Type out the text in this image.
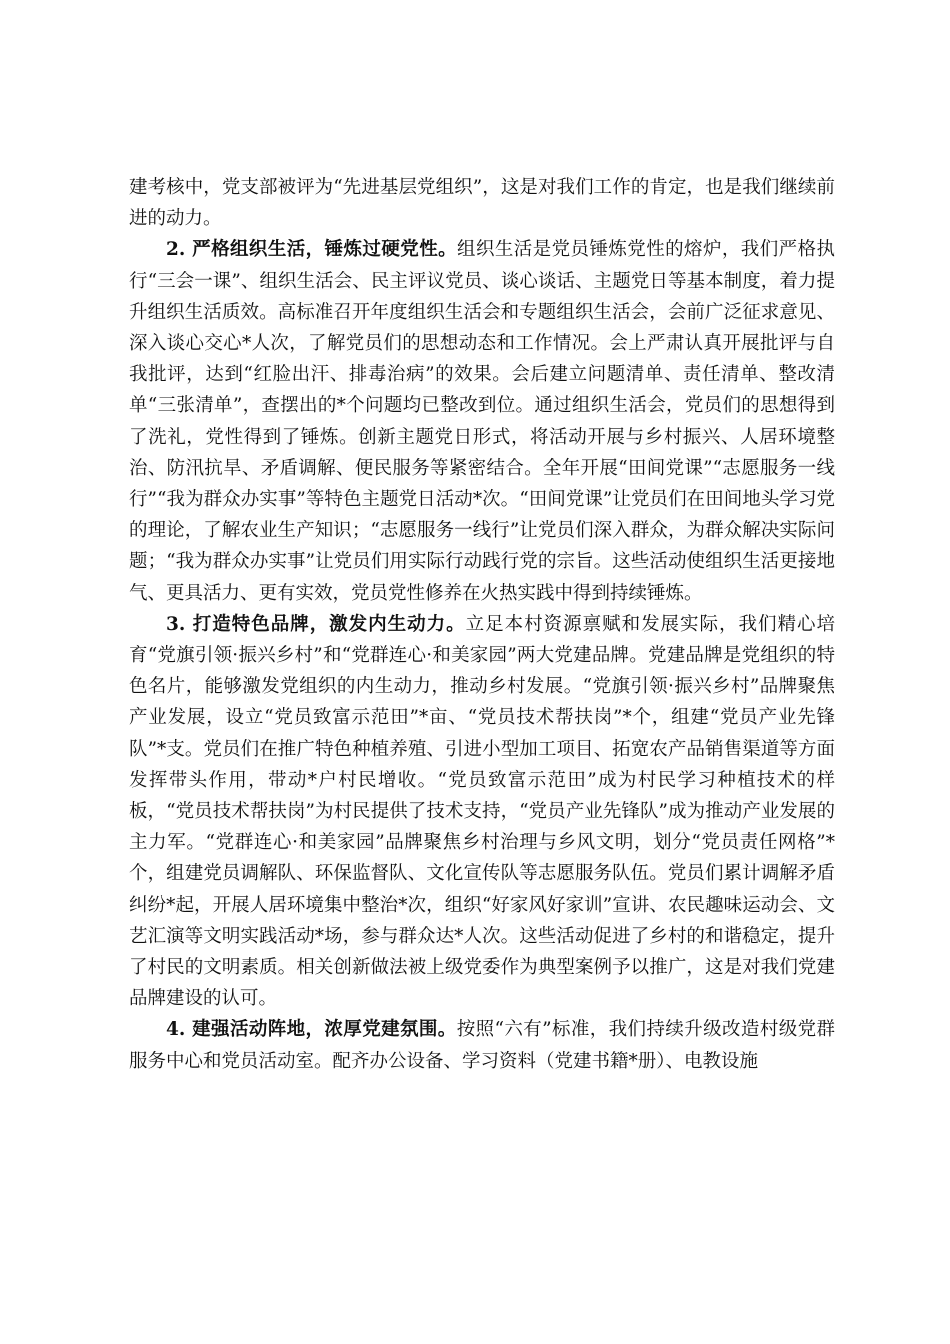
建考核中，党支部被评为“先进基层党组织”，这是对我们工作的肯定，也是我们继续前进的动力。

2. 严格组织生活，锤炼过硬党性。组织生活是党员锤炼党性的熔炉，我们严格执行“三会一课”、组织生活会、民主评议党员、谈心谈话、主题党日等基本制度，着力提升组织生活质效。高标准召开年度组织生活会和专题组织生活会，会前广泛征求意见、深入谈心交心*人次，了解党员们的思想动态和工作情况。会上严肃认真开展批评与自我批评，达到“红脸出汗、排毒治病”的效果。会后建立问题清单、责任清单、整改清单“三张清单”，查摆出的*个问题均已整改到位。通过组织生活会，党员们的思想得到了洗礼，党性得到了锤炼。创新主题党日形式，将活动开展与乡村振兴、人居环境整治、防汛抗旱、矛盾调解、便民服务等紧密结合。全年开展“田间党课”“志愿服务一线行”“我为群众办实事”等特色主题党日活动*次。“田间党课”让党员们在田间地头学习党的理论，了解农业生产知识；“志愿服务一线行”让党员们深入群众，为群众解决实际问题；“我为群众办实事”让党员们用实际行动践行党的宗旨。这些活动使组织生活更接地气、更具活力、更有实效，党员党性修养在火热实践中得到持续锤炼。

3. 打造特色品牌，激发内生动力。立足本村资源禀赋和发展实际，我们精心培育“党旗引领·振兴乡村”和“党群连心·和美家园”两大党建品牌。党建品牌是党组织的特色名片，能够激发党组织的内生动力，推动乡村发展。“党旗引领·振兴乡村”品牌聚焦产业发展，设立“党员致富示范田”*亩、“党员技术帮扶岗”*个，组建“党员产业先锋队”*支。党员们在推广特色种植养殖、引进小型加工项目、拓宽农产品销售渠道等方面发挥带头作用，带动*户村民增收。“党员致富示范田”成为村民学习种植技术的样板，“党员技术帮扶岗”为村民提供了技术支持，“党员产业先锋队”成为推动产业发展的主力军。“党群连心·和美家园”品牌聚焦乡村治理与乡风文明，划分“党员责任网格”*个，组建党员调解队、环保监督队、文化宣传队等志愿服务队伍。党员们累计调解矛盾纠纷*起，开展人居环境集中整治*次，组织“好家风好家训”宣讲、农民趣味运动会、文艺汇演等文明实践活动*场，参与群众达*人次。这些活动促进了乡村的和谐稳定，提升了村民的文明素质。相关创新做法被上级党委作为典型案例予以推广，这是对我们党建品牌建设的认可。

4. 建强活动阵地，浓厚党建氛围。按照“六有”标准，我们持续升级改造村级党群服务中心和党员活动室。配齐办公设备、学习资料（党建书籍*册）、电教设施
